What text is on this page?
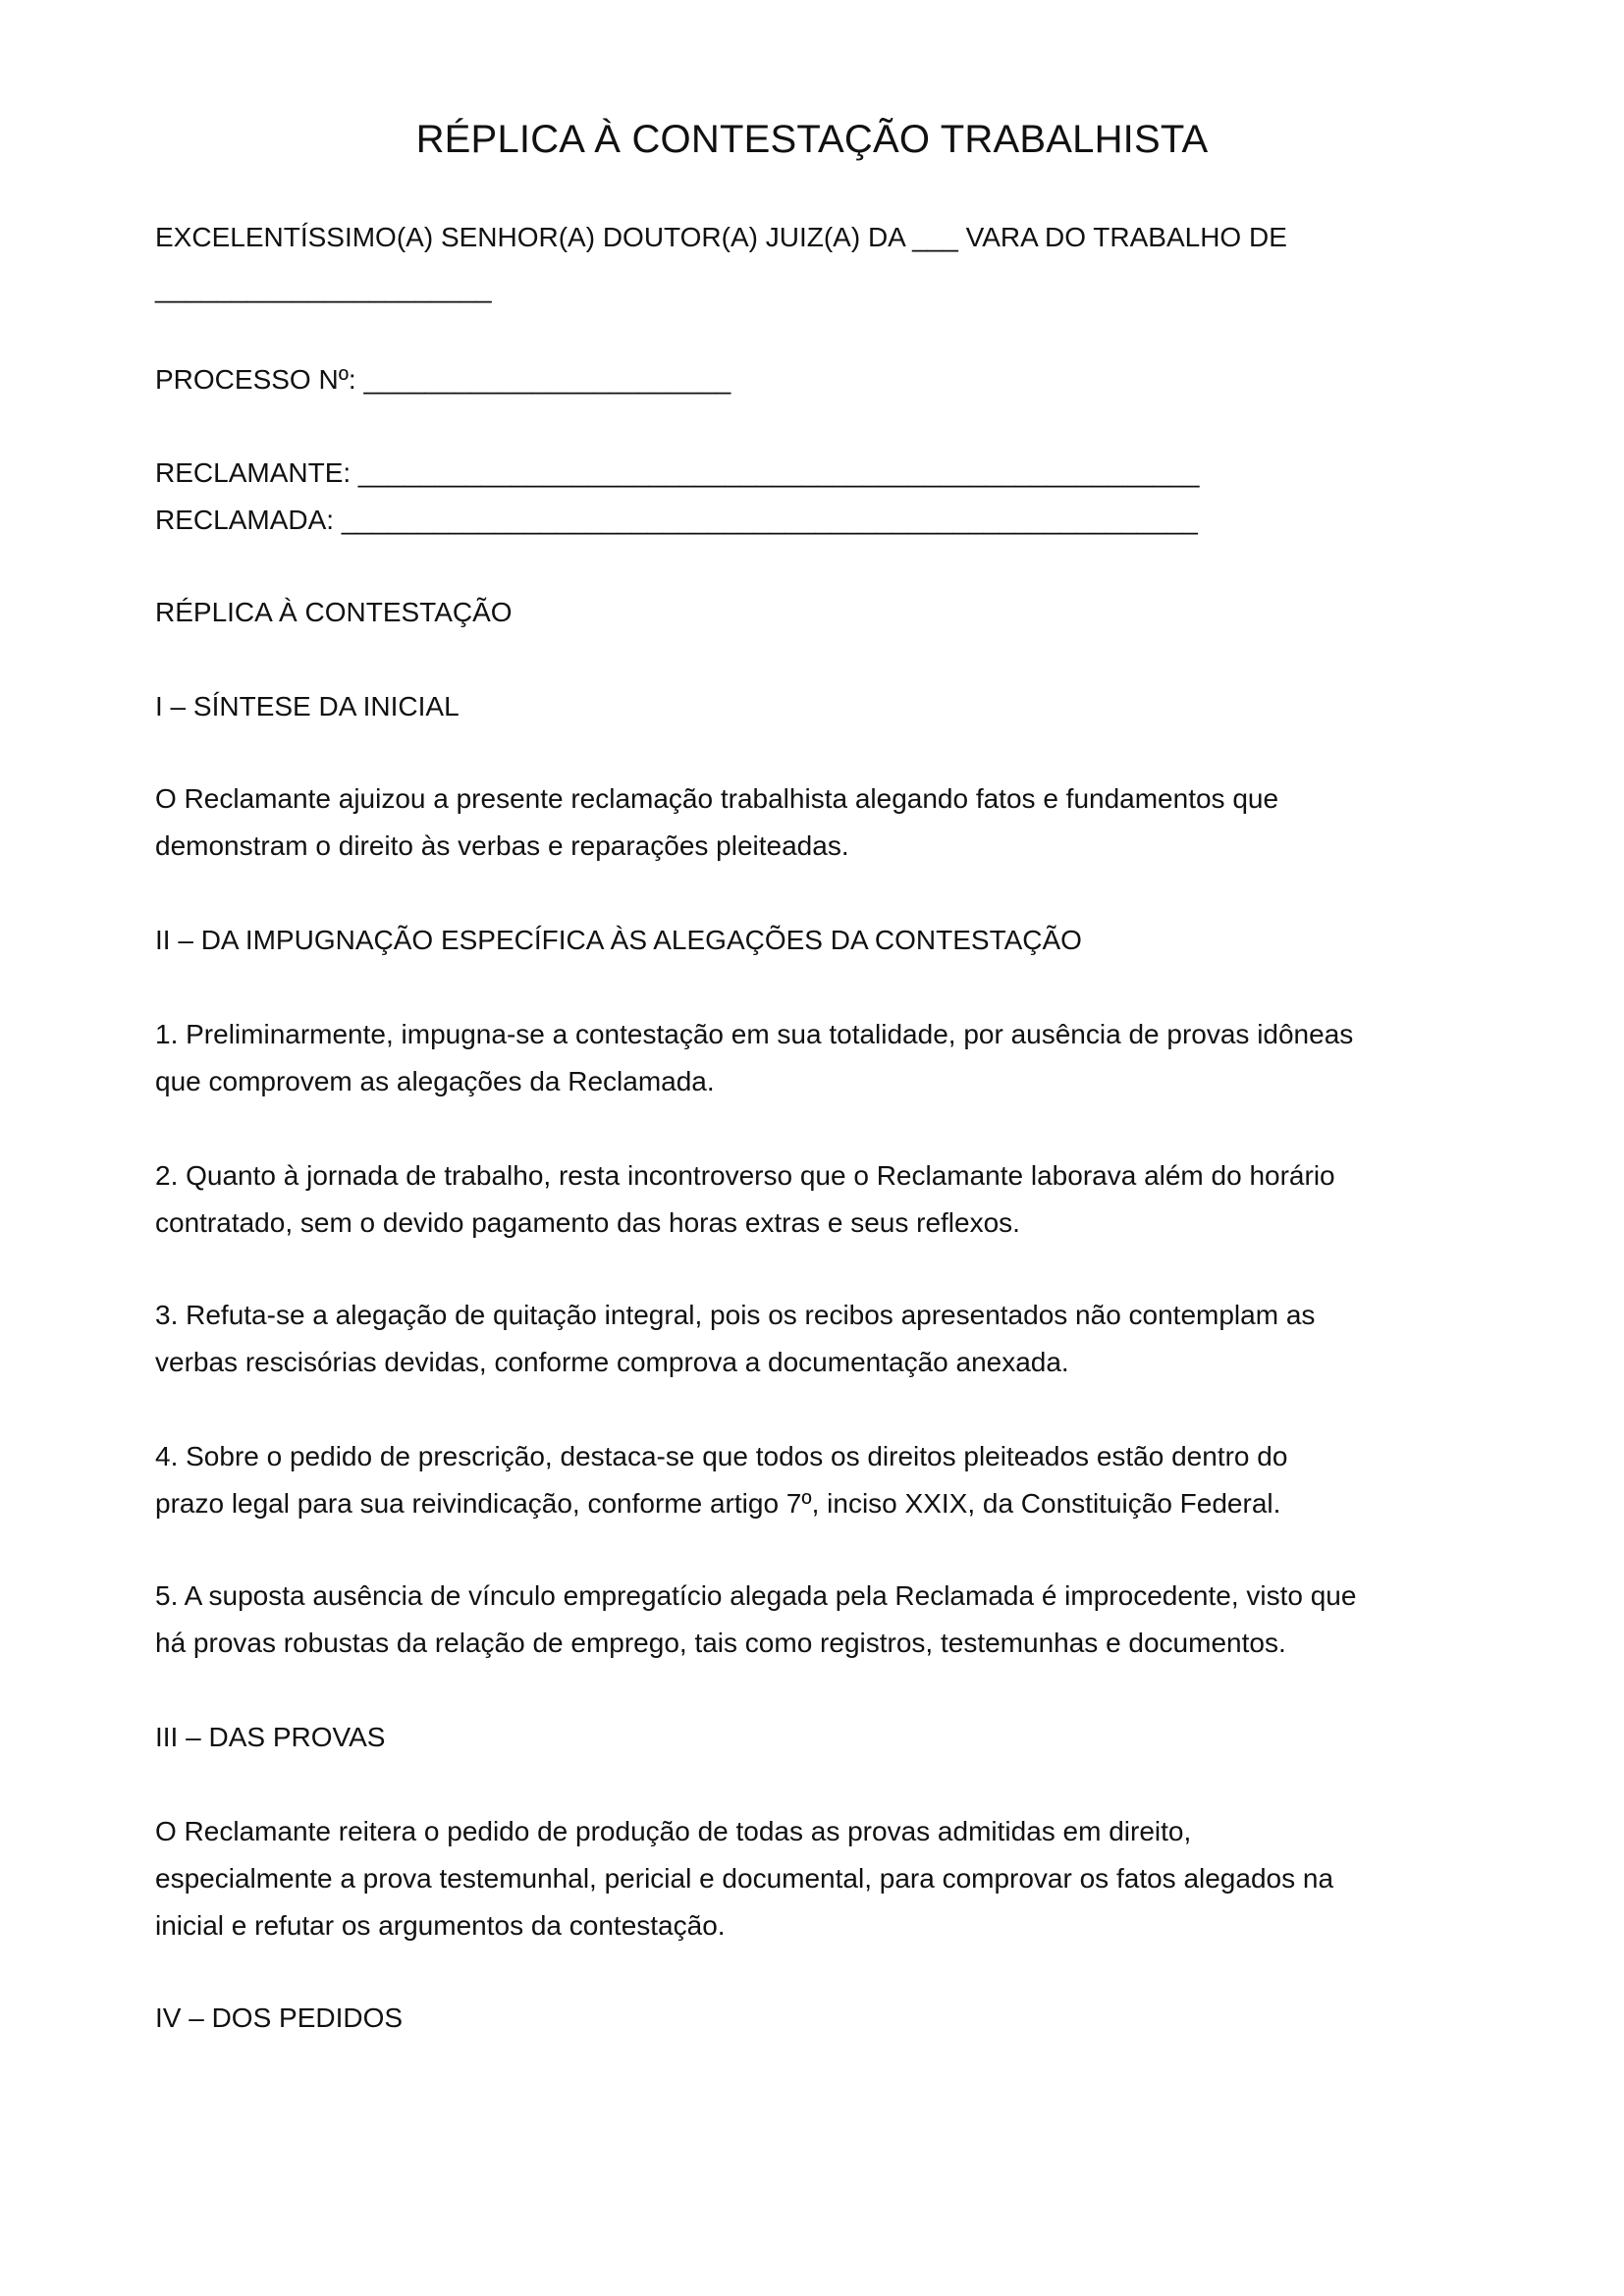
RÉPLICA À CONTESTAÇÃO TRABALHISTA

EXCELENTÍSSIMO(A) SENHOR(A) DOUTOR(A) JUIZ(A) DA ___ VARA DO TRABALHO DE

______________________

PROCESSO Nº: ________________________

RECLAMANTE: _______________________________________________________

RECLAMADA: ________________________________________________________

RÉPLICA À CONTESTAÇÃO

I – SÍNTESE DA INICIAL

O Reclamante ajuizou a presente reclamação trabalhista alegando fatos e fundamentos que

demonstram o direito às verbas e reparações pleiteadas.

II – DA IMPUGNAÇÃO ESPECÍFICA ÀS ALEGAÇÕES DA CONTESTAÇÃO

1. Preliminarmente, impugna-se a contestação em sua totalidade, por ausência de provas idôneas

que comprovem as alegações da Reclamada.

2. Quanto à jornada de trabalho, resta incontroverso que o Reclamante laborava além do horário

contratado, sem o devido pagamento das horas extras e seus reflexos.

3. Refuta-se a alegação de quitação integral, pois os recibos apresentados não contemplam as

verbas rescisórias devidas, conforme comprova a documentação anexada.

4. Sobre o pedido de prescrição, destaca-se que todos os direitos pleiteados estão dentro do

prazo legal para sua reivindicação, conforme artigo 7º, inciso XXIX, da Constituição Federal.

5. A suposta ausência de vínculo empregatício alegada pela Reclamada é improcedente, visto que

há provas robustas da relação de emprego, tais como registros, testemunhas e documentos.

III – DAS PROVAS

O Reclamante reitera o pedido de produção de todas as provas admitidas em direito,

especialmente a prova testemunhal, pericial e documental, para comprovar os fatos alegados na

inicial e refutar os argumentos da contestação.

IV – DOS PEDIDOS
